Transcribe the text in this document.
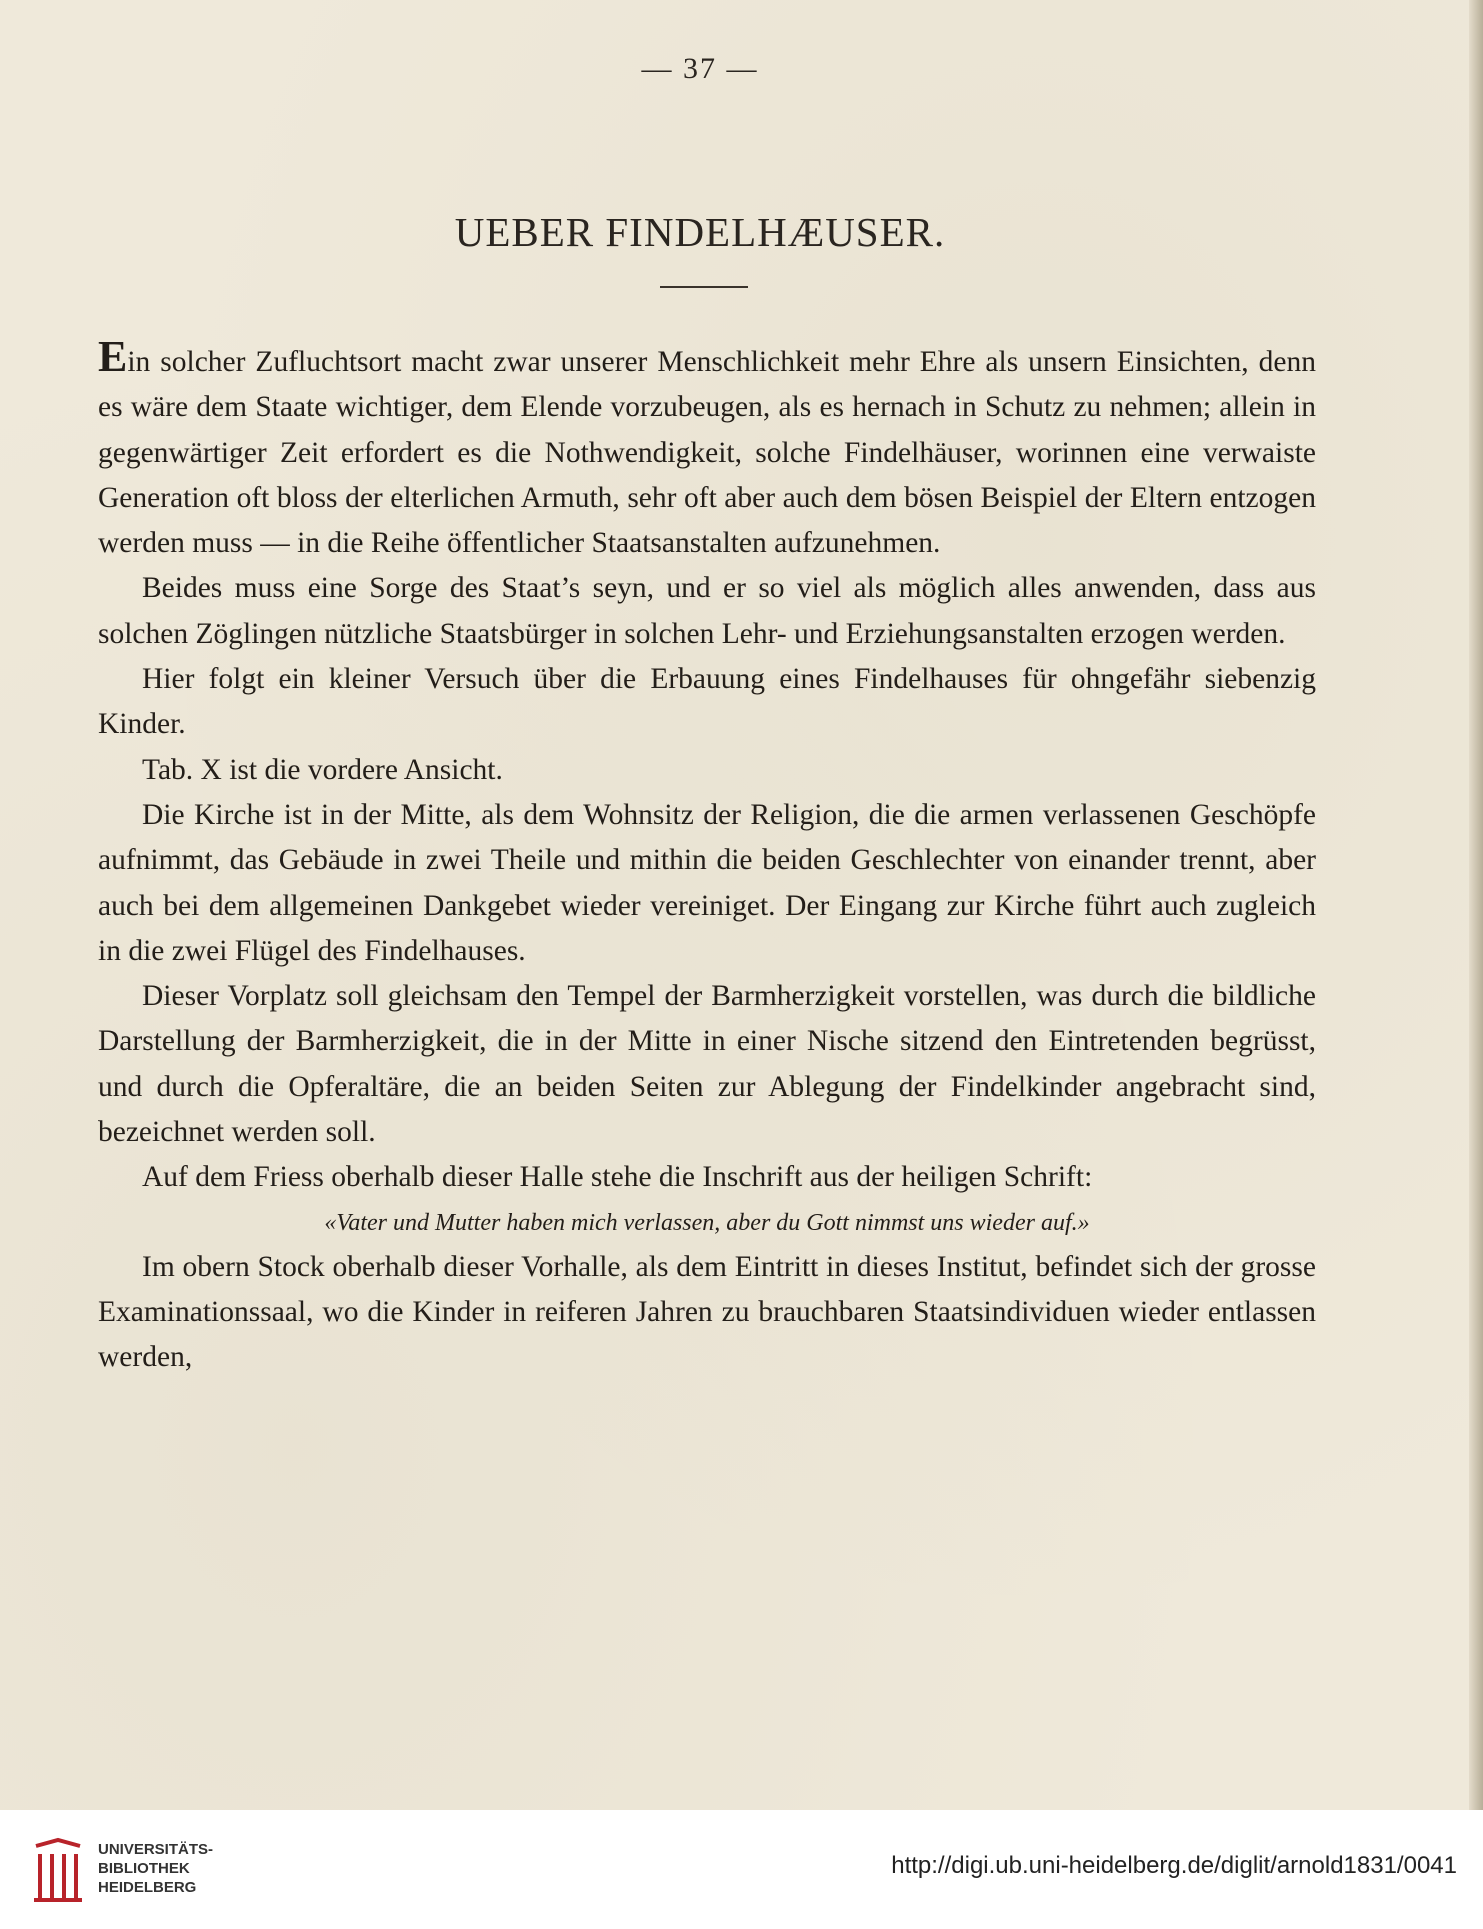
— 37 —
UEBER FINDELHÆUSER.

Ein solcher Zufluchtsort macht zwar unserer Menschlichkeit mehr Ehre als unsern Einsichten, denn es wäre dem Staate wichtiger, dem Elende vorzubeugen, als es hernach in Schutz zu nehmen; allein in gegenwärtiger Zeit erfordert es die Nothwendigkeit, solche Findelhäuser, worinnen eine verwaiste Generation oft bloss der elterlichen Armuth, sehr oft aber auch dem bösen Beispiel der Eltern entzogen werden muss — in die Reihe öffentlicher Staatsanstalten aufzunehmen.

Beides muss eine Sorge des Staat’s seyn, und er so viel als möglich alles anwenden, dass aus solchen Zöglingen nützliche Staatsbürger in solchen Lehr- und Erziehungsanstalten erzogen werden.

Hier folgt ein kleiner Versuch über die Erbauung eines Findelhauses für ohngefähr siebenzig Kinder.

Tab. X ist die vordere Ansicht.

Die Kirche ist in der Mitte, als dem Wohnsitz der Religion, die die armen verlassenen Geschöpfe aufnimmt, das Gebäude in zwei Theile und mithin die beiden Geschlechter von einander trennt, aber auch bei dem allgemeinen Dankgebet wieder vereiniget. Der Eingang zur Kirche führt auch zugleich in die zwei Flügel des Findelhauses.

Dieser Vorplatz soll gleichsam den Tempel der Barmherzigkeit vorstellen, was durch die bildliche Darstellung der Barmherzigkeit, die in der Mitte in einer Nische sitzend den Eintretenden begrüsst, und durch die Opferaltäre, die an beiden Seiten zur Ablegung der Findelkinder angebracht sind, bezeichnet werden soll.

Auf dem Friess oberhalb dieser Halle stehe die Inschrift aus der heiligen Schrift:

«Vater und Mutter haben mich verlassen, aber du Gott nimmst uns wieder auf.»

Im obern Stock oberhalb dieser Vorhalle, als dem Eintritt in dieses Institut, befindet sich der grosse Examinationssaal, wo die Kinder in reiferen Jahren zu brauchbaren Staatsindividuen wieder entlassen werden,

UNIVERSITÄTS-
BIBLIOTHEK
HEIDELBERG
http://digi.ub.uni-heidelberg.de/diglit/arnold1831/0041
